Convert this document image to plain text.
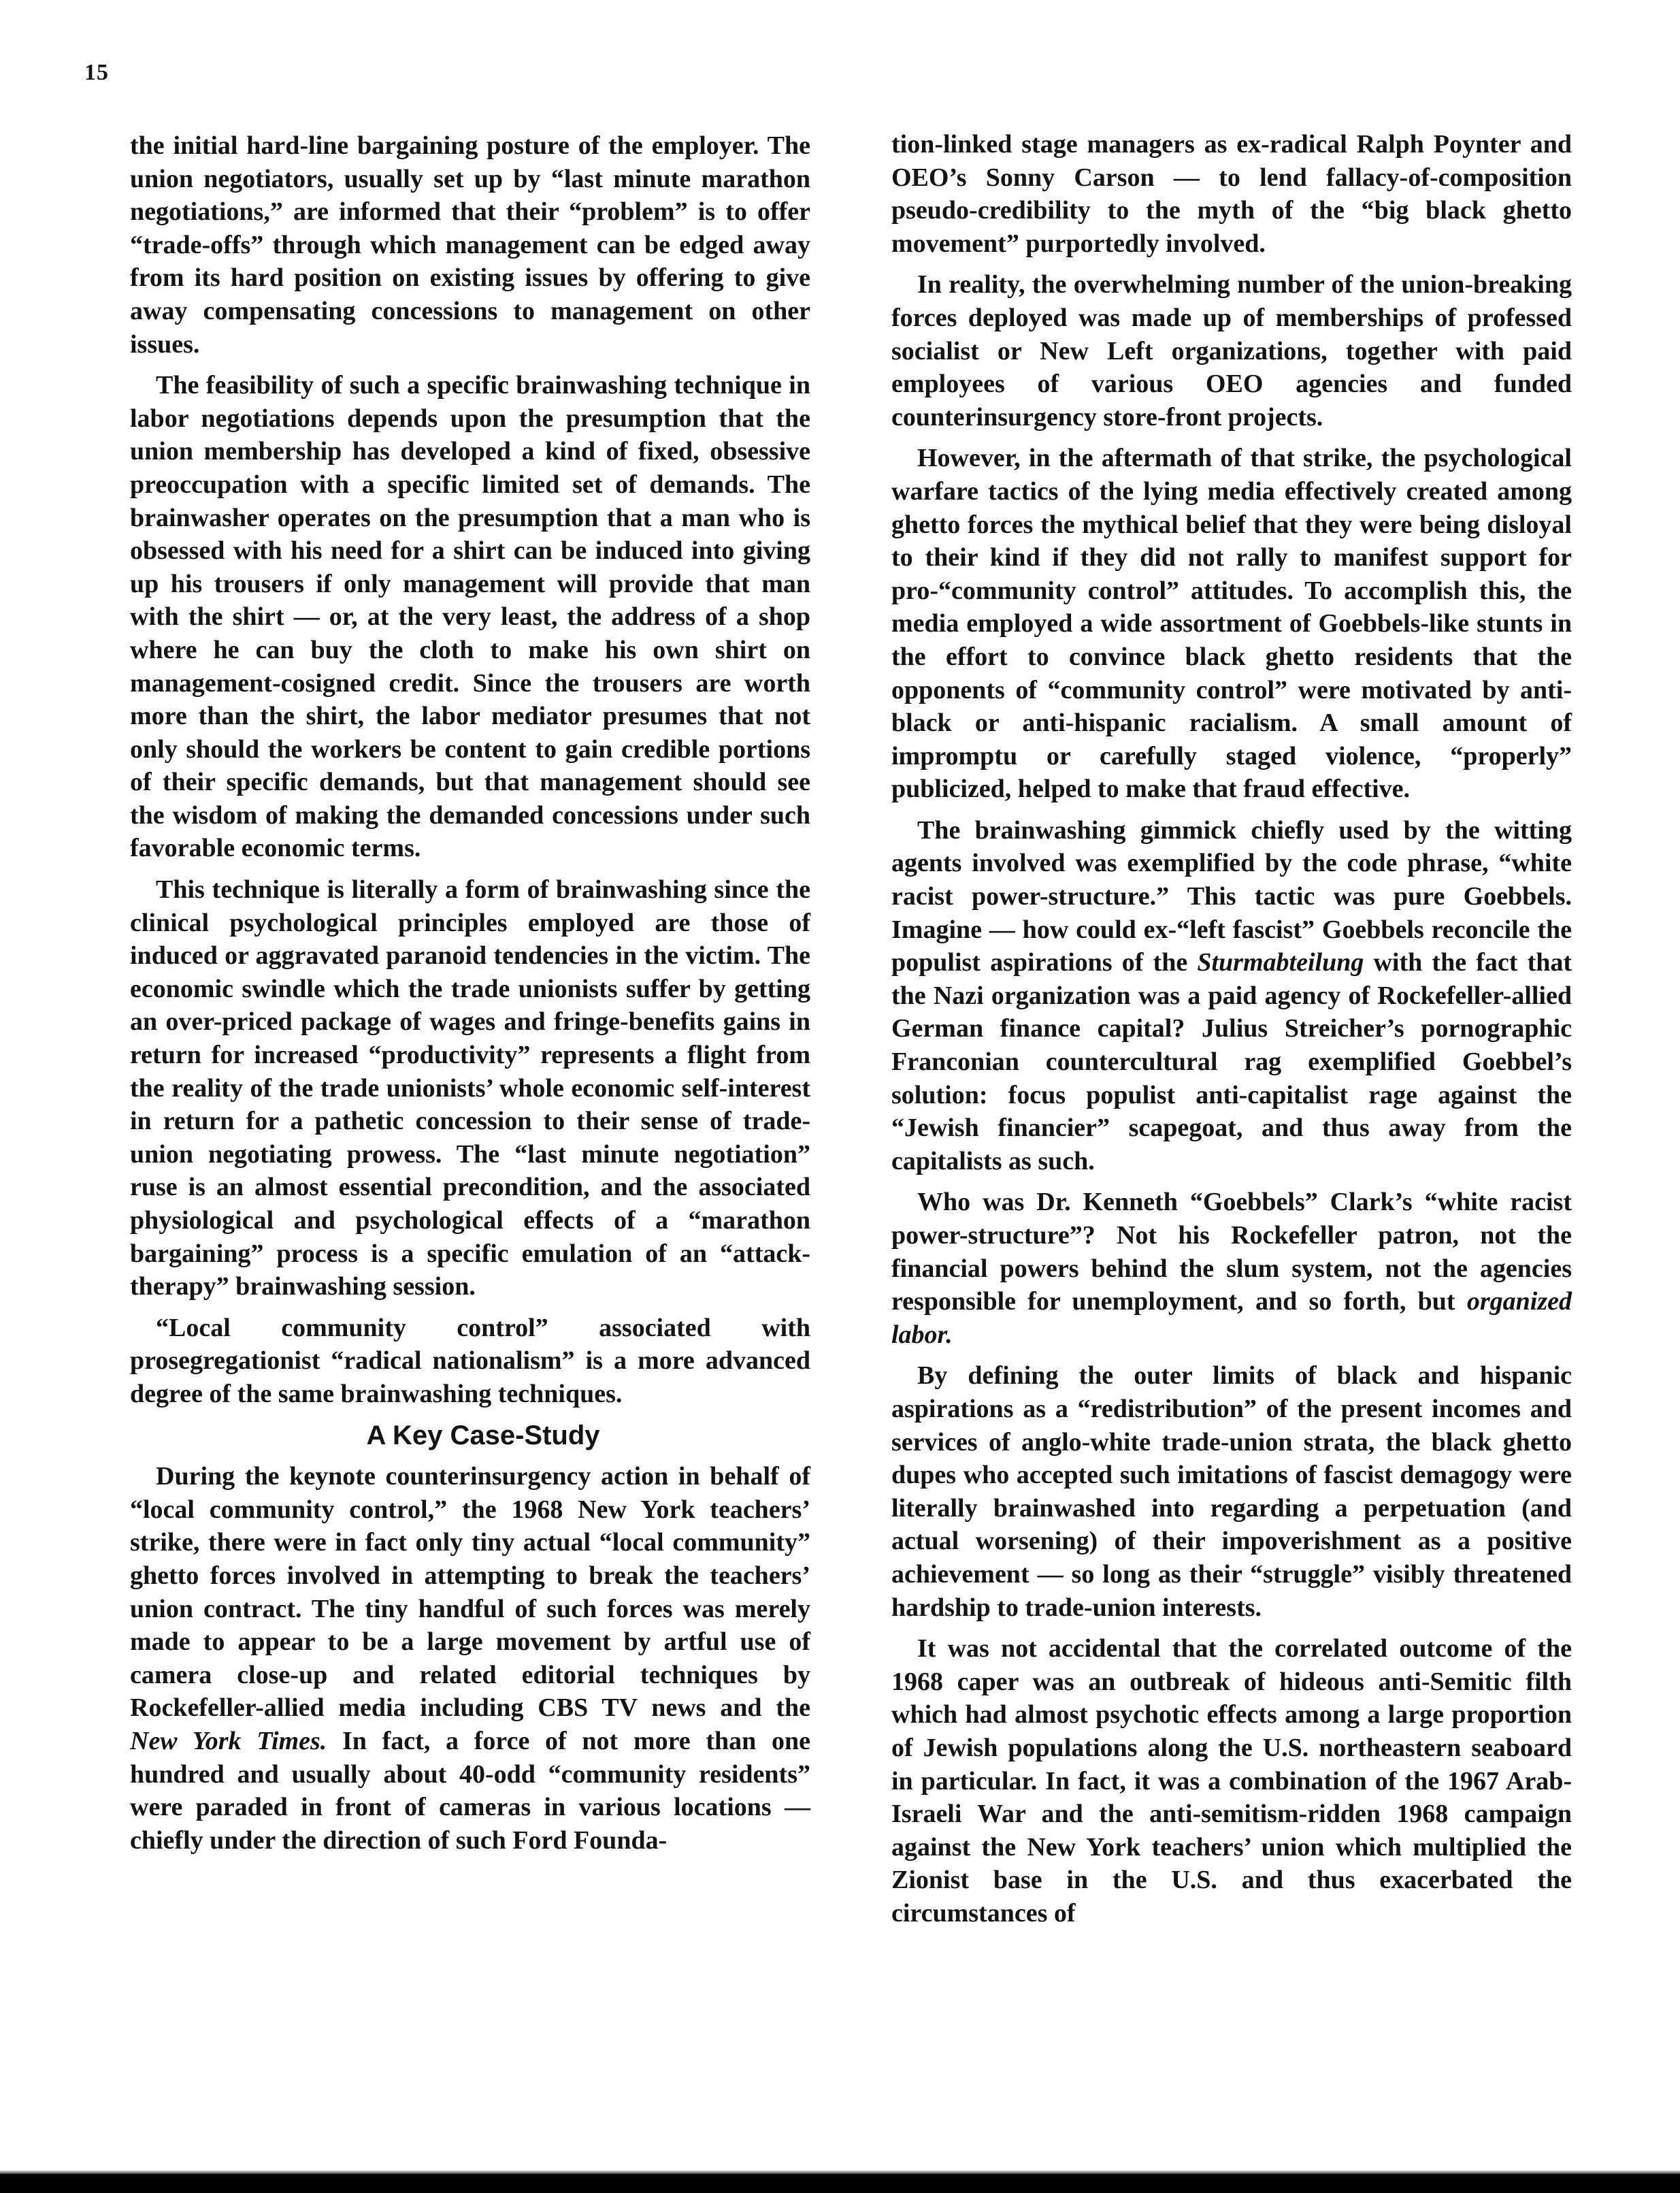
15

the initial hard-line bargaining posture of the employer. The union negotiators, usually set up by “last minute marathon negotiations,” are informed that their “problem” is to offer “trade-offs” through which management can be edged away from its hard position on existing issues by offering to give away compensating concessions to management on other issues.

The feasibility of such a specific brainwashing technique in labor negotiations depends upon the presumption that the union membership has developed a kind of fixed, obsessive preoccupation with a specific limited set of demands. The brainwasher operates on the presumption that a man who is obsessed with his need for a shirt can be induced into giving up his trousers if only management will provide that man with the shirt — or, at the very least, the address of a shop where he can buy the cloth to make his own shirt on management-cosigned credit. Since the trousers are worth more than the shirt, the labor mediator presumes that not only should the workers be content to gain credible portions of their specific demands, but that management should see the wisdom of making the demanded concessions under such favorable economic terms.

This technique is literally a form of brainwashing since the clinical psychological principles employed are those of induced or aggravated paranoid tendencies in the victim. The economic swindle which the trade unionists suffer by getting an over-priced package of wages and fringe-benefits gains in return for increased “productivity” represents a flight from the reality of the trade unionists’ whole economic self-interest in return for a pathetic concession to their sense of trade-union negotiating prowess. The “last minute negotiation” ruse is an almost essential precondition, and the associated physiological and psychological effects of a “marathon bargaining” process is a specific emulation of an “attack-therapy” brainwashing session.

“Local community control” associated with prosegregationist “radical nationalism” is a more advanced degree of the same brainwashing techniques.

A Key Case-Study

During the keynote counterinsurgency action in behalf of “local community control,” the 1968 New York teachers’ strike, there were in fact only tiny actual “local community” ghetto forces involved in attempting to break the teachers’ union contract. The tiny handful of such forces was merely made to appear to be a large movement by artful use of camera close-up and related editorial techniques by Rockefeller-allied media including CBS TV news and the New York Times. In fact, a force of not more than one hundred and usually about 40-odd “community residents” were paraded in front of cameras in various locations — chiefly under the direction of such Ford Founda-

tion-linked stage managers as ex-radical Ralph Poynter and OEO’s Sonny Carson — to lend fallacy-of-composition pseudo-credibility to the myth of the “big black ghetto movement” purportedly involved.

In reality, the overwhelming number of the union-breaking forces deployed was made up of memberships of professed socialist or New Left organizations, together with paid employees of various OEO agencies and funded counterinsurgency store-front projects.

However, in the aftermath of that strike, the psychological warfare tactics of the lying media effectively created among ghetto forces the mythical belief that they were being disloyal to their kind if they did not rally to manifest support for pro-“community control” attitudes. To accomplish this, the media employed a wide assortment of Goebbels-like stunts in the effort to convince black ghetto residents that the opponents of “community control” were motivated by anti-black or anti-hispanic racialism. A small amount of impromptu or carefully staged violence, “properly” publicized, helped to make that fraud effective.

The brainwashing gimmick chiefly used by the witting agents involved was exemplified by the code phrase, “white racist power-structure.” This tactic was pure Goebbels. Imagine — how could ex-“left fascist” Goebbels reconcile the populist aspirations of the Sturmabteilung with the fact that the Nazi organization was a paid agency of Rockefeller-allied German finance capital? Julius Streicher’s pornographic Franconian countercultural rag exemplified Goebbel’s solution: focus populist anti-capitalist rage against the “Jewish financier” scapegoat, and thus away from the capitalists as such.

Who was Dr. Kenneth “Goebbels” Clark’s “white racist power-structure”? Not his Rockefeller patron, not the financial powers behind the slum system, not the agencies responsible for unemployment, and so forth, but organized labor.

By defining the outer limits of black and hispanic aspirations as a “redistribution” of the present incomes and services of anglo-white trade-union strata, the black ghetto dupes who accepted such imitations of fascist demagogy were literally brainwashed into regarding a perpetuation (and actual worsening) of their impoverishment as a positive achievement — so long as their “struggle” visibly threatened hardship to trade-union interests.

It was not accidental that the correlated outcome of the 1968 caper was an outbreak of hideous anti-Semitic filth which had almost psychotic effects among a large proportion of Jewish populations along the U.S. northeastern seaboard in particular. In fact, it was a combination of the 1967 Arab-Israeli War and the anti-semitism-ridden 1968 campaign against the New York teachers’ union which multiplied the Zionist base in the U.S. and thus exacerbated the circumstances of
